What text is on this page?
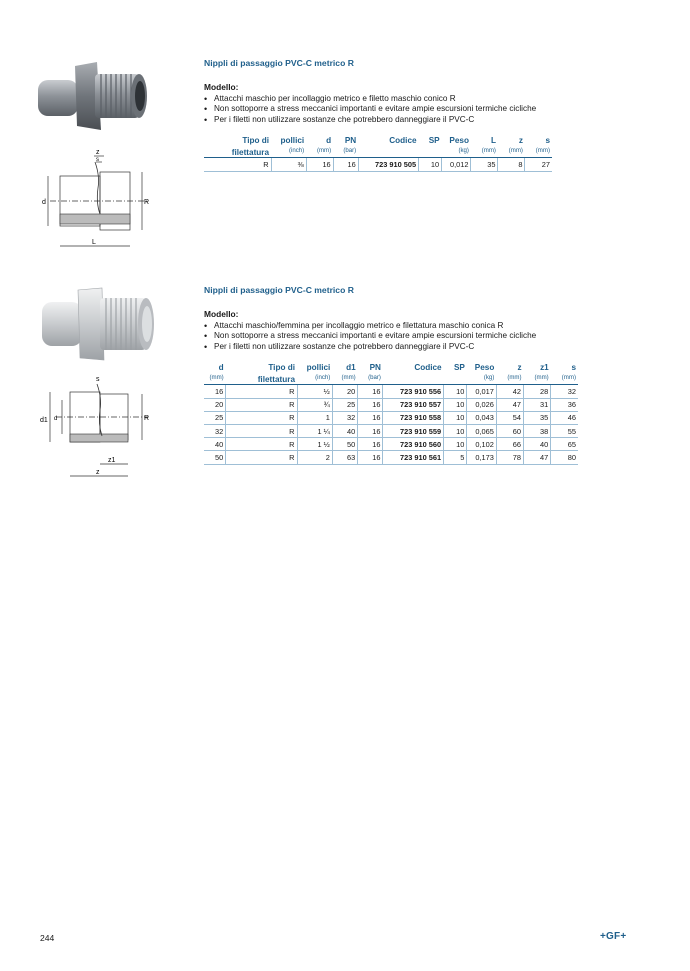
z
s
d	R
L

Nippli di passaggio PVC-C metrico R

Modello:

• Attacchi maschio per incollaggio metrico e filetto maschio conico R
• Non sottoporre a stress meccanici importanti e evitare ampie escursioni termiche cicliche
• Per i filetti non utilizzare sostanze che potrebbero danneggiare il PVC-C
Tipo di	pollici	d	PN	Codice	SP	Peso	L	z	s
filettatura	(inch)	(mm)	(bar)			(kg)	(mm)	(mm)	(mm)
R	⅜	16	16	723 910 505	10	0,012	35	8	27
s
d1 d	R
z1
z

Nippli di passaggio PVC-C metrico R

Modello:

• Attacchi maschio/femmina per incollaggio metrico e filettatura maschio conica R
• Non sottoporre a stress meccanici importanti e evitare ampie escursioni termiche cicliche
• Per i filetti non utilizzare sostanze che potrebbero danneggiare il PVC-C
d	Tipo di	pollici	d1	PN	Codice	SP	Peso	z	z1	s
(mm)	filettatura	(inch)	(mm)	(bar)			(kg)	(mm)	(mm)	(mm)
16	R	½	20	16	723 910 556	10	0,017	42	28	32
20	R	¾	25	16	723 910 557	10	0,026	47	31	36
25	R	1	32	16	723 910 558	10	0,043	54	35	46
32	R	1 ¼	40	16	723 910 559	10	0,065	60	38	55
40	R	1 ½	50	16	723 910 560	10	0,102	66	40	65
50	R	2	63	16	723 910 561	5	0,173	78	47	80
244	+GF+
